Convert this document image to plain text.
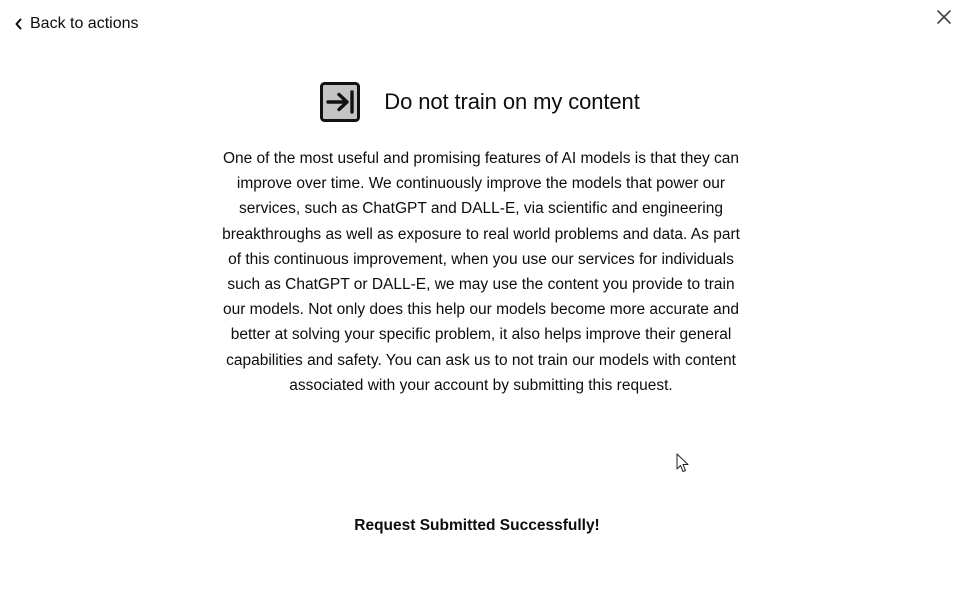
Back to actions
Do not train on my content

One of the most useful and promising features of AI models is that they can improve over time. We continuously improve the models that power our services, such as ChatGPT and DALL-E, via scientific and engineering breakthroughs as well as exposure to real world problems and data. As part of this continuous improvement, when you use our services for individuals such as ChatGPT or DALL-E, we may use the content you provide to train our models. Not only does this help our models become more accurate and better at solving your specific problem, it also helps improve their general capabilities and safety. You can ask us to not train our models with content associated with your account by submitting this request.

Request Submitted Successfully!
